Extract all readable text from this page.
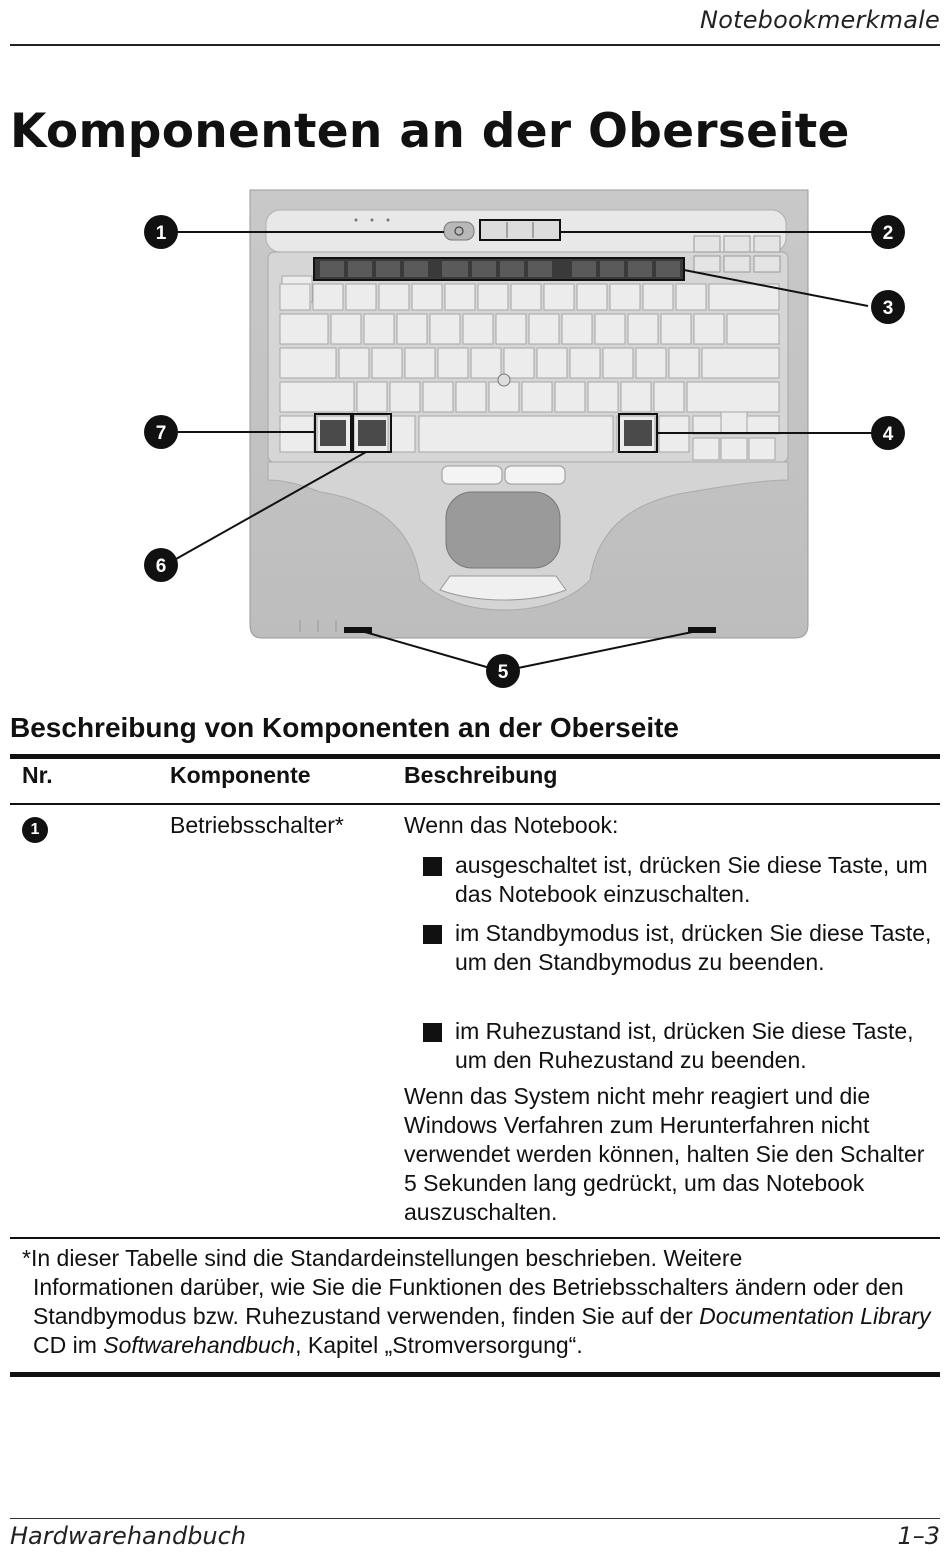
Notebookmerkmale
Komponenten an der Oberseite
1	2
3
4
5
6
7
Beschreibung von Komponenten an der Oberseite
Nr.	Komponente	Beschreibung
1	Betriebsschalter*	Wenn das Notebook:
ausgeschaltet ist, drücken Sie diese Taste, um das Notebook einzuschalten.
im Standbymodus ist, drücken Sie diese Taste, um den Standbymodus zu beenden.
im Ruhezustand ist, drücken Sie diese Taste, um den Ruhezustand zu beenden.
Wenn das System nicht mehr reagiert und die Windows Verfahren zum Herunterfahren nicht verwendet werden können, halten Sie den Schalter 5 Sekunden lang gedrückt, um das Notebook auszuschalten.
*In dieser Tabelle sind die Standardeinstellungen beschrieben. Weitere
Informationen darüber, wie Sie die Funktionen des Betriebsschalters ändern oder den Standbymodus bzw. Ruhezustand verwenden, finden Sie auf der Documentation Library CD im Softwarehandbuch, Kapitel „Stromversorgung“.
Hardwarehandbuch	1–3
